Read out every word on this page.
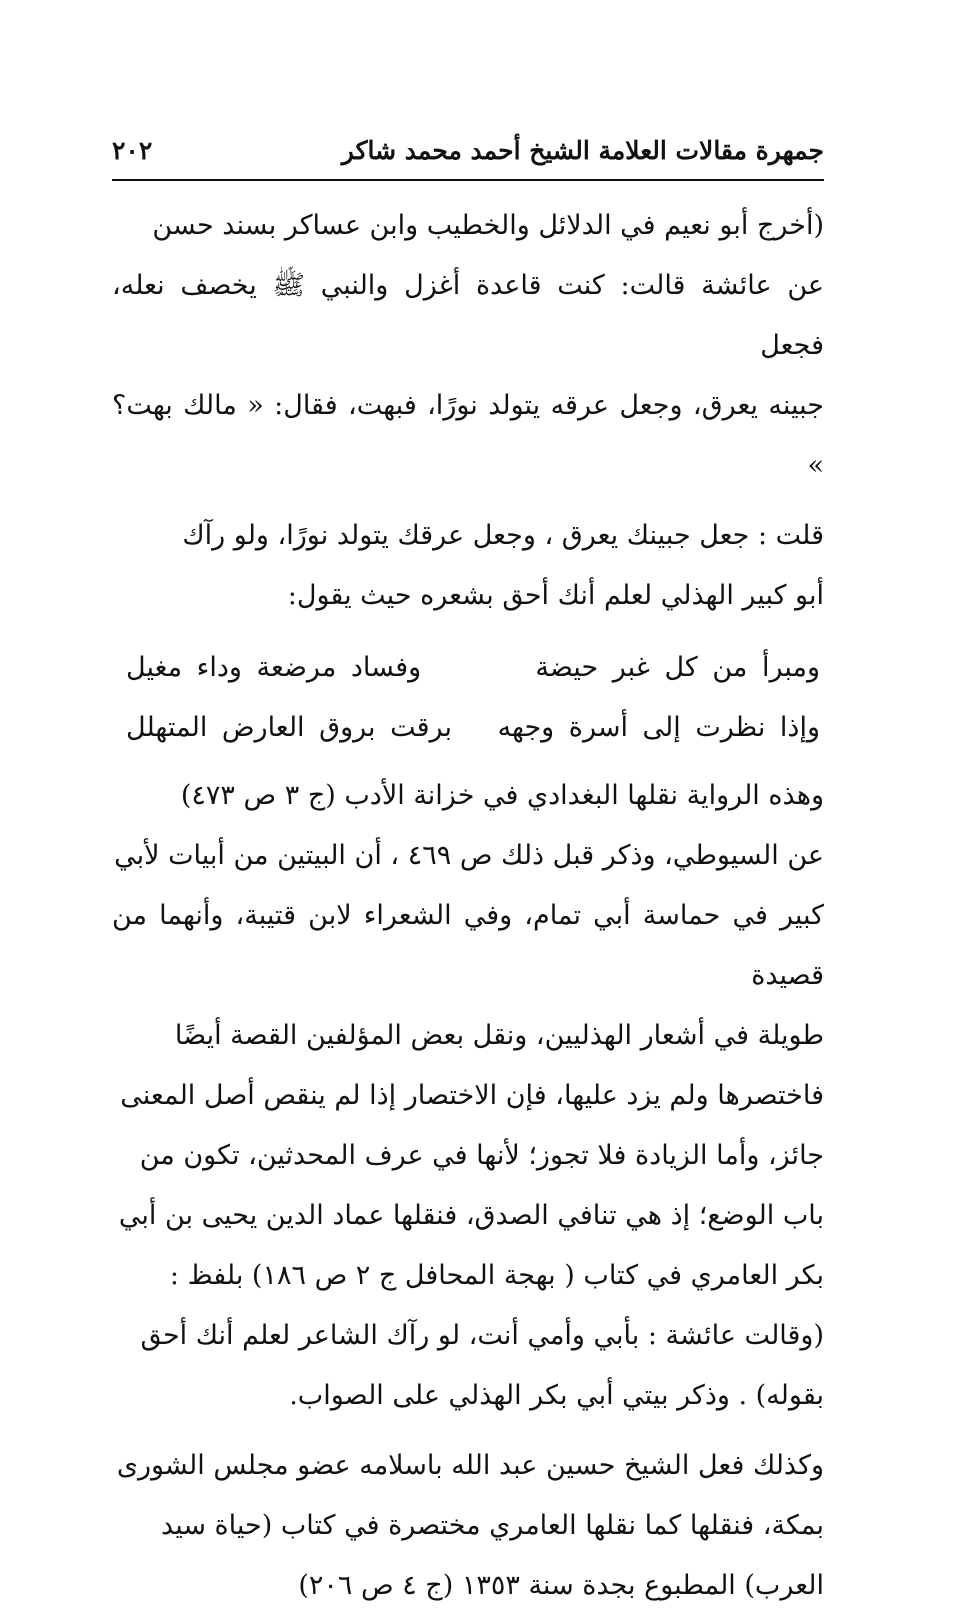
جمهرة مقالات العلامة الشيخ أحمد محمد شاكر
٢٠٢

(أخرج أبو نعيم في الدلائل والخطيب وابن عساكر بسند حسن
عن عائشة قالت: كنت قاعدة أغزل والنبي ﷺ يخصف نعله، فجعل
جبينه يعرق، وجعل عرقه يتولد نورًا، فبهت، فقال: « مالك بهت؟ »

قلت : جعل جبينك يعرق ، وجعل عرقك يتولد نورًا، ولو رآك
أبو كبير الهذلي لعلم أنك أحق بشعره حيث يقول:

ومبرأ من كل غبر حيضة
وفساد مرضعة وداء مغيل
وإذا نظرت إلى أسرة وجهه
برقت بروق العارض المتهلل

وهذه الرواية نقلها البغدادي في خزانة الأدب (ج ٣ ص ٤٧٣)
عن السيوطي، وذكر قبل ذلك ص ٤٦٩ ، أن البيتين من أبيات لأبي
كبير في حماسة أبي تمام، وفي الشعراء لابن قتيبة، وأنهما من قصيدة
طويلة في أشعار الهذليين، ونقل بعض المؤلفين القصة أيضًا
فاختصرها ولم يزد عليها، فإن الاختصار إذا لم ينقص أصل المعنى
جائز، وأما الزيادة فلا تجوز؛ لأنها في عرف المحدثين، تكون من
باب الوضع؛ إذ هي تنافي الصدق، فنقلها عماد الدين يحيى بن أبي
بكر العامري في كتاب ( بهجة المحافل ج ٢ ص ١٨٦) بلفظ :
(وقالت عائشة : بأبي وأمي أنت، لو رآك الشاعر لعلم أنك أحق
بقوله) . وذكر بيتي أبي بكر الهذلي على الصواب.

وكذلك فعل الشيخ حسين عبد الله باسلامه عضو مجلس الشورى
بمكة، فنقلها كما نقلها العامري مختصرة في كتاب (حياة سيد
العرب) المطبوع بجدة سنة ١٣٥٣ (ج ٤ ص ٢٠٦)
